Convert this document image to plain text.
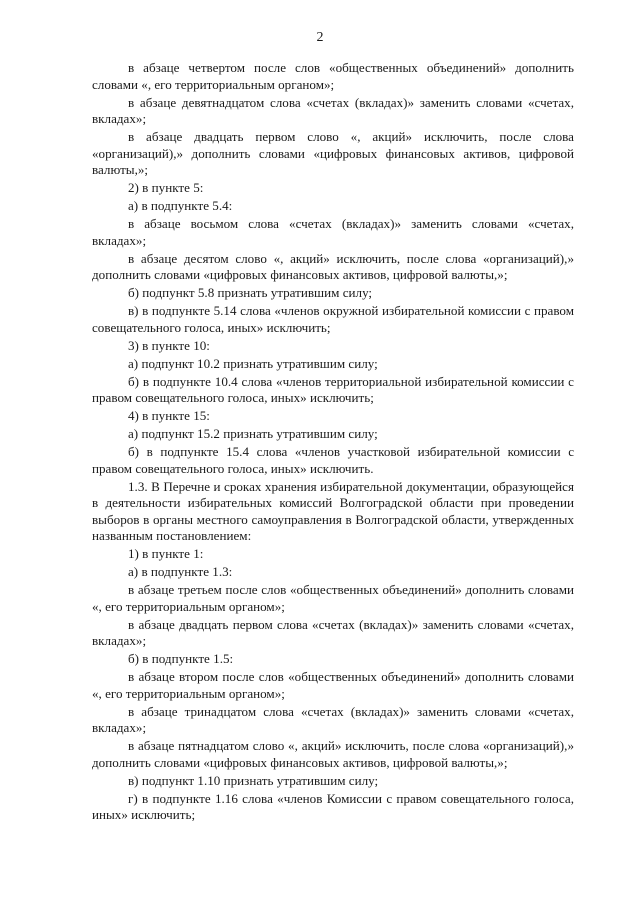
2

в абзаце четвертом после слов «общественных объединений» дополнить словами «, его территориальным органом»;

в абзаце девятнадцатом слова «счетах (вкладах)» заменить словами «счетах, вкладах»;

в абзаце двадцать первом слово «, акций» исключить, после слова «организаций),» дополнить словами «цифровых финансовых активов, цифровой валюты,»;

2) в пункте 5:

а) в подпункте 5.4:

в абзаце восьмом слова «счетах (вкладах)» заменить словами «счетах, вкладах»;

в абзаце десятом слово «, акций» исключить, после слова «организаций),» дополнить словами «цифровых финансовых активов, цифровой валюты,»;

б) подпункт 5.8 признать утратившим силу;

в) в подпункте 5.14 слова «членов окружной избирательной комиссии с правом совещательного голоса, иных» исключить;

3) в пункте 10:

а) подпункт 10.2 признать утратившим силу;

б) в подпункте 10.4 слова «членов территориальной избирательной комиссии с правом совещательного голоса, иных» исключить;

4) в пункте 15:

а) подпункт 15.2 признать утратившим силу;

б) в подпункте 15.4 слова «членов участковой избирательной комиссии с правом совещательного голоса, иных» исключить.

1.3. В Перечне и сроках хранения избирательной документации, образующейся в деятельности избирательных комиссий Волгоградской области при проведении выборов в органы местного самоуправления в Волгоградской области, утвержденных названным постановлением:

1) в пункте 1:

а) в подпункте 1.3:

в абзаце третьем после слов «общественных объединений» дополнить словами «, его территориальным органом»;

в абзаце двадцать первом слова «счетах (вкладах)» заменить словами «счетах, вкладах»;

б) в подпункте 1.5:

в абзаце втором после слов «общественных объединений» дополнить словами «, его территориальным органом»;

в абзаце тринадцатом слова «счетах (вкладах)» заменить словами «счетах, вкладах»;

в абзаце пятнадцатом слово «, акций» исключить, после слова «организаций),» дополнить словами «цифровых финансовых активов, цифровой валюты,»;

в) подпункт 1.10 признать утратившим силу;

г) в подпункте 1.16 слова «членов Комиссии с правом совещательного голоса, иных» исключить;
